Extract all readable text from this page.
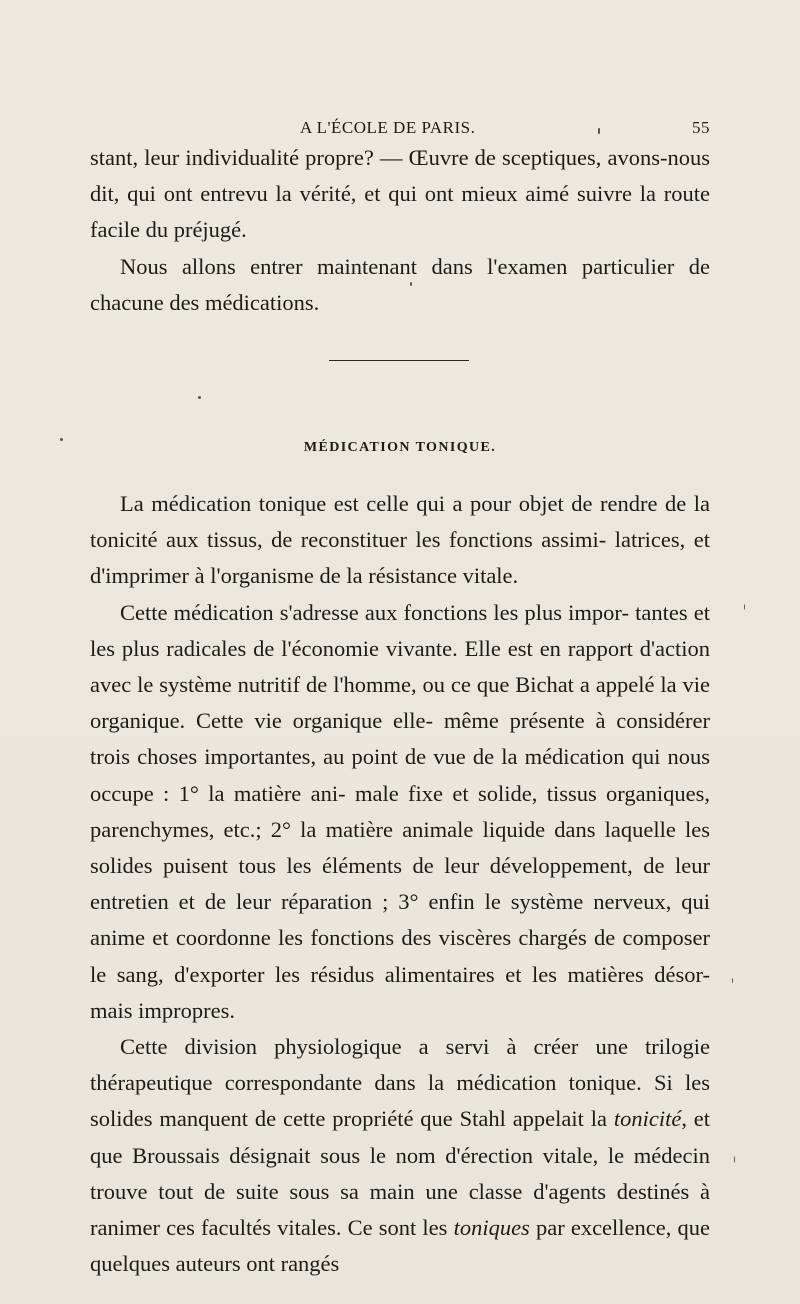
A L'ÉCOLE DE PARIS.	55

stant, leur individualité propre? — Œuvre de sceptiques, avons-nous dit, qui ont entrevu la vérité, et qui ont mieux aimé suivre la route facile du préjugé.

Nous allons entrer maintenant dans l'examen particulier de chacune des médications.

MÉDICATION TONIQUE.

La médication tonique est celle qui a pour objet de rendre de la tonicité aux tissus, de reconstituer les fonctions assimi- latrices, et d'imprimer à l'organisme de la résistance vitale.

Cette médication s'adresse aux fonctions les plus impor- tantes et les plus radicales de l'économie vivante. Elle est en rapport d'action avec le système nutritif de l'homme, ou ce que Bichat a appelé la vie organique. Cette vie organique elle- même présente à considérer trois choses importantes, au point de vue de la médication qui nous occupe : 1° la matière ani- male fixe et solide, tissus organiques, parenchymes, etc.; 2° la matière animale liquide dans laquelle les solides puisent tous les éléments de leur développement, de leur entretien et de leur réparation ; 3° enfin le système nerveux, qui anime et coordonne les fonctions des viscères chargés de composer le sang, d'exporter les résidus alimentaires et les matières désor- mais impropres.

Cette division physiologique a servi à créer une trilogie thérapeutique correspondante dans la médication tonique. Si les solides manquent de cette propriété que Stahl appelait la tonicité, et que Broussais désignait sous le nom d'érection vitale, le médecin trouve tout de suite sous sa main une classe d'agents destinés à ranimer ces facultés vitales. Ce sont les toniques par excellence, que quelques auteurs ont rangés
